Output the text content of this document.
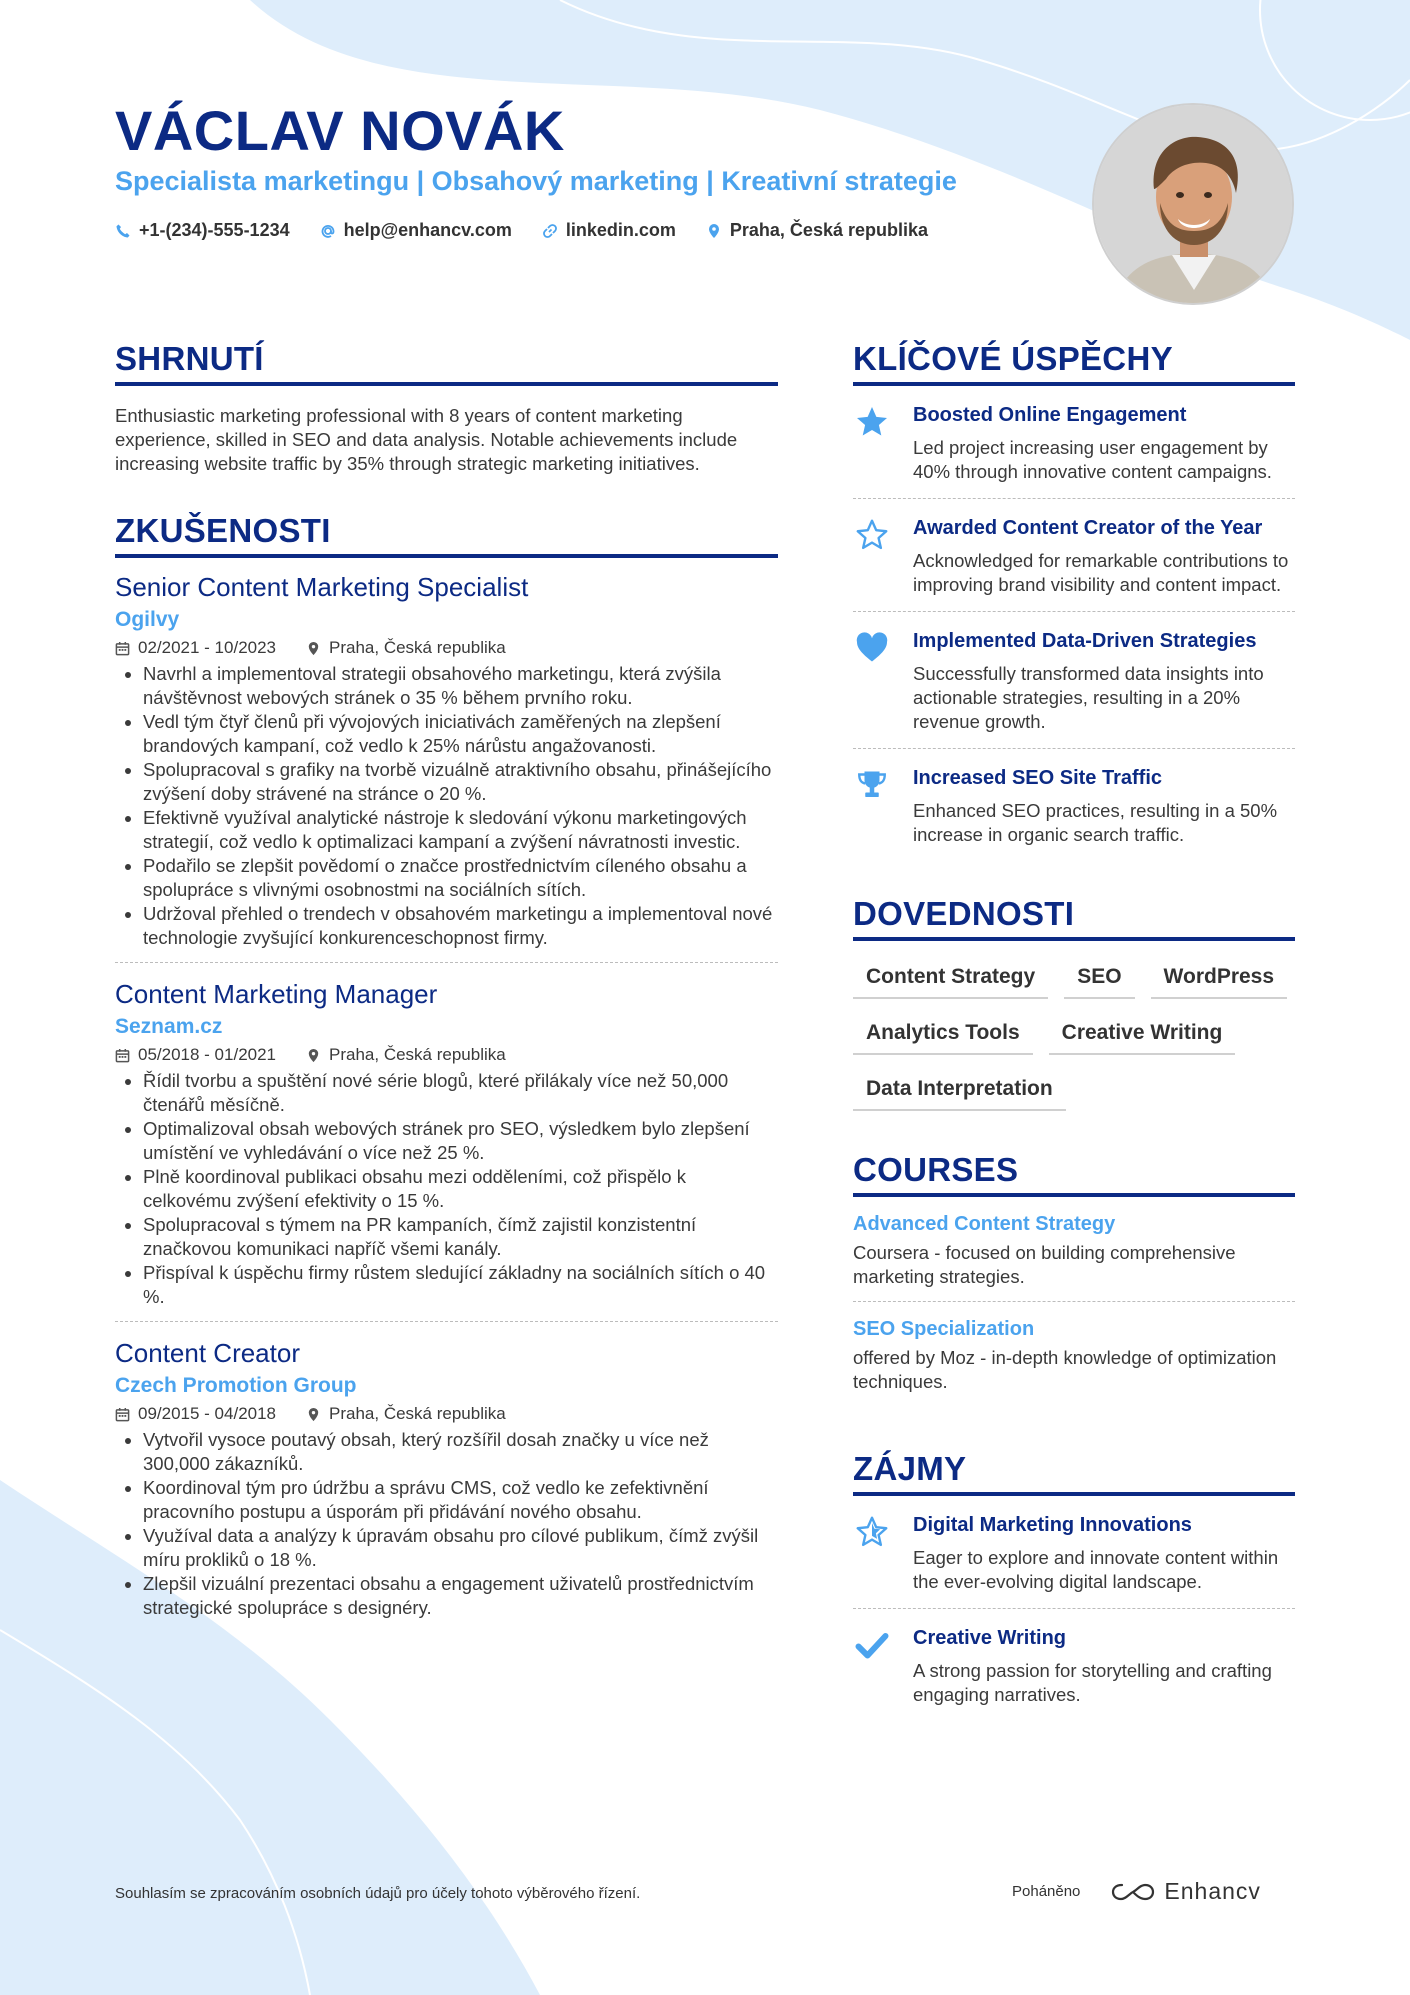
VÁCLAV NOVÁK

Specialista marketingu | Obsahový marketing | Kreativní strategie

+1-(234)-555-1234	help@enhancv.com	linkedin.com	Praha, Česká republika
SHRNUTÍ

Enthusiastic marketing professional with 8 years of content marketing experience, skilled in SEO and data analysis. Notable achievements include increasing website traffic by 35% through strategic marketing initiatives.

ZKUŠENOSTI

Senior Content Marketing Specialist

Ogilvy

02/2021 - 10/2023	Praha, Česká republika
• Navrhl a implementoval strategii obsahového marketingu, která zvýšila návštěvnost webových stránek o 35 % během prvního roku.
• Vedl tým čtyř členů při vývojových iniciativách zaměřených na zlepšení brandových kampaní, což vedlo k 25% nárůstu angažovanosti.
• Spolupracoval s grafiky na tvorbě vizuálně atraktivního obsahu, přinášejícího zvýšení doby strávené na stránce o 20 %.
• Efektivně využíval analytické nástroje k sledování výkonu marketingových strategií, což vedlo k optimalizaci kampaní a zvýšení návratnosti investic.
• Podařilo se zlepšit povědomí o značce prostřednictvím cíleného obsahu a spolupráce s vlivnými osobnostmi na sociálních sítích.
• Udržoval přehled o trendech v obsahovém marketingu a implementoval nové technologie zvyšující konkurenceschopnost firmy.

Content Marketing Manager

Seznam.cz

05/2018 - 01/2021	Praha, Česká republika
• Řídil tvorbu a spuštění nové série blogů, které přilákaly více než 50,000 čtenářů měsíčně.
• Optimalizoval obsah webových stránek pro SEO, výsledkem bylo zlepšení umístění ve vyhledávání o více než 25 %.
• Plně koordinoval publikaci obsahu mezi odděleními, což přispělo k celkovému zvýšení efektivity o 15 %.
• Spolupracoval s týmem na PR kampaních, čímž zajistil konzistentní značkovou komunikaci napříč všemi kanály.
• Přispíval k úspěchu firmy růstem sledující základny na sociálních sítích o 40 %.

Content Creator

Czech Promotion Group

09/2015 - 04/2018	Praha, Česká republika
• Vytvořil vysoce poutavý obsah, který rozšířil dosah značky u více než 300,000 zákazníků.
• Koordinoval tým pro údržbu a správu CMS, což vedlo ke zefektivnění pracovního postupu a úsporám při přidávání nového obsahu.
• Využíval data a analýzy k úpravám obsahu pro cílové publikum, čímž zvýšil míru prokliků o 18 %.
• Zlepšil vizuální prezentaci obsahu a engagement uživatelů prostřednictvím strategické spolupráce s designéry.
KLÍČOVÉ ÚSPĚCHY

Boosted Online Engagement

Led project increasing user engagement by 40% through innovative content campaigns.

Awarded Content Creator of the Year

Acknowledged for remarkable contributions to improving brand visibility and content impact.

Implemented Data-Driven Strategies

Successfully transformed data insights into actionable strategies, resulting in a 20% revenue growth.

Increased SEO Site Traffic

Enhanced SEO practices, resulting in a 50% increase in organic search traffic.

DOVEDNOSTI
Content Strategy	SEO	WordPress
Analytics Tools	Creative Writing
Data Interpretation
COURSES

Advanced Content Strategy

Coursera - focused on building comprehensive marketing strategies.

SEO Specialization

offered by Moz - in-depth knowledge of optimization techniques.

ZÁJMY

Digital Marketing Innovations

Eager to explore and innovate content within the ever-evolving digital landscape.

Creative Writing

A strong passion for storytelling and crafting engaging narratives.

Souhlasím se zpracováním osobních údajů pro účely tohoto výběrového řízení.	Poháněno	Enhancv
